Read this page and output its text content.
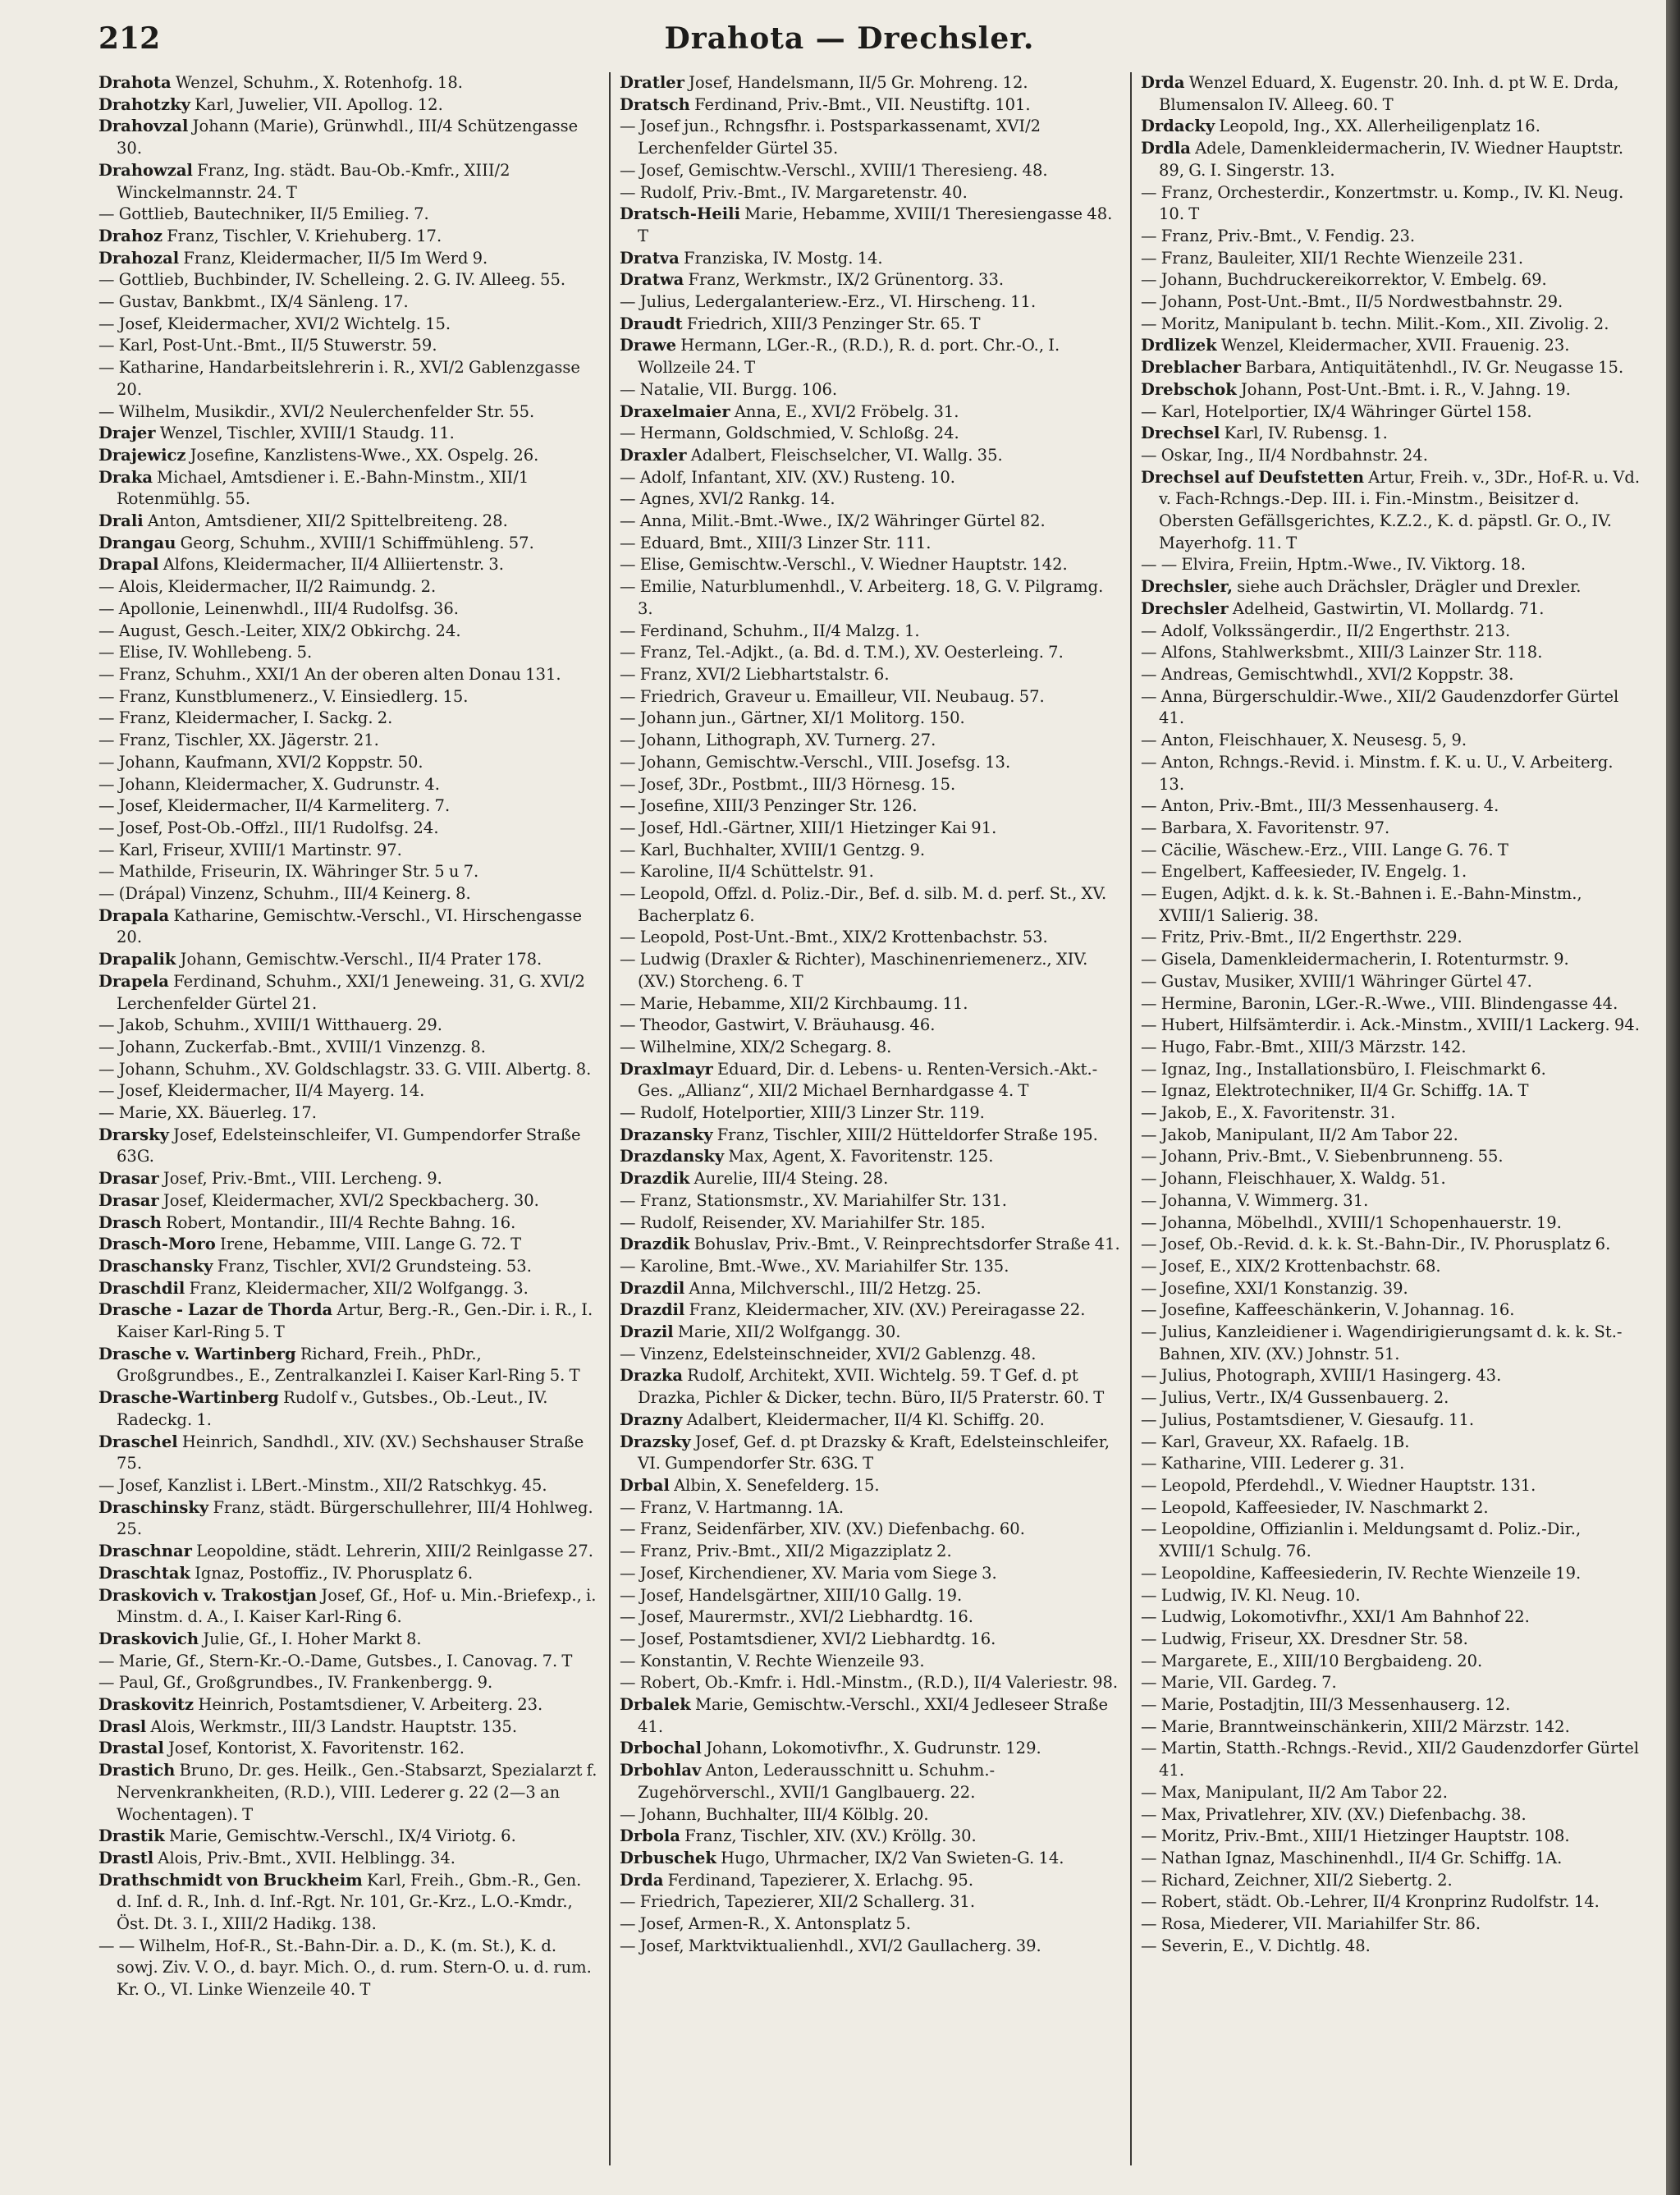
212	Drahota — Drechsler.
Drahota Wenzel, Schuhm., X. Rotenhofg. 18.
Drahotzky Karl, Juwelier, VII. Apollog. 12.
Drahovzal Johann (Marie), Grünwhdl., III/4 Schützengasse 30.
Drahowzal Franz, Ing. städt. Bau-Ob.-Kmfr., XIII/2 Winckelmannstr. 24. T
— Gottlieb, Bautechniker, II/5 Emilieg. 7.
Drahoz Franz, Tischler, V. Kriehuberg. 17.
Drahozal Franz, Kleidermacher, II/5 Im Werd 9.
— Gottlieb, Buchbinder, IV. Schelleing. 2. G. IV. Alleeg. 55.
— Gustav, Bankbmt., IX/4 Sänleng. 17.
— Josef, Kleidermacher, XVI/2 Wichtelg. 15.
— Karl, Post-Unt.-Bmt., II/5 Stuwerstr. 59.
— Katharine, Handarbeitslehrerin i. R., XVI/2 Gablenzgasse 20.
— Wilhelm, Musikdir., XVI/2 Neulerchenfelder Str. 55.
Drajer Wenzel, Tischler, XVIII/1 Staudg. 11.
Drajewicz Josefine, Kanzlistens-Wwe., XX. Ospelg. 26.
Draka Michael, Amtsdiener i. E.-Bahn-Minstm., XII/1 Rotenmühlg. 55.
Drali Anton, Amtsdiener, XII/2 Spittelbreiteng. 28.
Drangau Georg, Schuhm., XVIII/1 Schiffmühleng. 57.
Drapal Alfons, Kleidermacher, II/4 Alliiertenstr. 3.
— Alois, Kleidermacher, II/2 Raimundg. 2.
— Apollonie, Leinenwhdl., III/4 Rudolfsg. 36.
— August, Gesch.-Leiter, XIX/2 Obkirchg. 24.
— Elise, IV. Wohllebeng. 5.
— Franz, Schuhm., XXI/1 An der oberen alten Donau 131.
— Franz, Kunstblumenerz., V. Einsiedlerg. 15.
— Franz, Kleidermacher, I. Sackg. 2.
— Franz, Tischler, XX. Jägerstr. 21.
— Johann, Kaufmann, XVI/2 Koppstr. 50.
— Johann, Kleidermacher, X. Gudrunstr. 4.
— Josef, Kleidermacher, II/4 Karmeliterg. 7.
— Josef, Post-Ob.-Offzl., III/1 Rudolfsg. 24.
— Karl, Friseur, XVIII/1 Martinstr. 97.
— Mathilde, Friseurin, IX. Währinger Str. 5 u 7.
— (Drápal) Vinzenz, Schuhm., III/4 Keinerg. 8.
Drapala Katharine, Gemischtw.-Verschl., VI. Hirschengasse 20.
Drapalik Johann, Gemischtw.-Verschl., II/4 Prater 178.
Drapela Ferdinand, Schuhm., XXI/1 Jeneweing. 31, G. XVI/2 Lerchenfelder Gürtel 21.
— Jakob, Schuhm., XVIII/1 Witthauerg. 29.
— Johann, Zuckerfab.-Bmt., XVIII/1 Vinzenzg. 8.
— Johann, Schuhm., XV. Goldschlagstr. 33. G. VIII. Albertg. 8.
— Josef, Kleidermacher, II/4 Mayerg. 14.
— Marie, XX. Bäuerleg. 17.
Drarsky Josef, Edelsteinschleifer, VI. Gumpendorfer Straße 63G.
Drasar Josef, Priv.-Bmt., VIII. Lercheng. 9.
Drasar Josef, Kleidermacher, XVI/2 Speckbacherg. 30.
Drasch Robert, Montandir., III/4 Rechte Bahng. 16.
Drasch-Moro Irene, Hebamme, VIII. Lange G. 72. T
Draschansky Franz, Tischler, XVI/2 Grundsteing. 53.
Draschdil Franz, Kleidermacher, XII/2 Wolfgangg. 3.
Drasche - Lazar de Thorda Artur, Berg.-R., Gen.-Dir. i. R., I. Kaiser Karl-Ring 5. T
Drasche v. Wartinberg Richard, Freih., PhDr., Großgrundbes., E., Zentralkanzlei I. Kaiser Karl-Ring 5. T
Drasche-Wartinberg Rudolf v., Gutsbes., Ob.-Leut., IV. Radeckg. 1.
Draschel Heinrich, Sandhdl., XIV. (XV.) Sechshauser Straße 75.
— Josef, Kanzlist i. LBert.-Minstm., XII/2 Ratschkyg. 45.
Draschinsky Franz, städt. Bürgerschullehrer, III/4 Hohlweg. 25.
Draschnar Leopoldine, städt. Lehrerin, XIII/2 Reinlgasse 27.
Draschtak Ignaz, Postoffiz., IV. Phorusplatz 6.
Draskovich v. Trakostjan Josef, Gf., Hof- u. Min.-Briefexp., i. Minstm. d. A., I. Kaiser Karl-Ring 6.
Draskovich Julie, Gf., I. Hoher Markt 8.
— Marie, Gf., Stern-Kr.-O.-Dame, Gutsbes., I. Canovag. 7. T
— Paul, Gf., Großgrundbes., IV. Frankenbergg. 9.
Draskovitz Heinrich, Postamtsdiener, V. Arbeiterg. 23.
Drasl Alois, Werkmstr., III/3 Landstr. Hauptstr. 135.
Drastal Josef, Kontorist, X. Favoritenstr. 162.
Drastich Bruno, Dr. ges. Heilk., Gen.-Stabsarzt, Spezialarzt f. Nervenkrankheiten, (R.D.), VIII. Lederer g. 22 (2—3 an Wochentagen). T
Drastik Marie, Gemischtw.-Verschl., IX/4 Viriotg. 6.
Drastl Alois, Priv.-Bmt., XVII. Helblingg. 34.
Drathschmidt von Bruckheim Karl, Freih., Gbm.-R., Gen. d. Inf. d. R., Inh. d. Inf.-Rgt. Nr. 101, Gr.-Krz., L.O.-Kmdr., Öst. Dt. 3. I., XIII/2 Hadikg. 138.
— — Wilhelm, Hof-R., St.-Bahn-Dir. a. D., K. (m. St.), K. d. sowj. Ziv. V. O., d. bayr. Mich. O., d. rum. Stern-O. u. d. rum. Kr. O., VI. Linke Wienzeile 40. T
Dratler Josef, Handelsmann, II/5 Gr. Mohreng. 12.
Dratsch Ferdinand, Priv.-Bmt., VII. Neustiftg. 101.
— Josef jun., Rchngsfhr. i. Postsparkassenamt, XVI/2 Lerchenfelder Gürtel 35.
— Josef, Gemischtw.-Verschl., XVIII/1 Theresieng. 48.
— Rudolf, Priv.-Bmt., IV. Margaretenstr. 40.
Dratsch-Heili Marie, Hebamme, XVIII/1 Theresiengasse 48. T
Dratva Franziska, IV. Mostg. 14.
Dratwa Franz, Werkmstr., IX/2 Grünentorg. 33.
— Julius, Ledergalanteriew.-Erz., VI. Hirscheng. 11.
Draudt Friedrich, XIII/3 Penzinger Str. 65. T
Drawe Hermann, LGer.-R., (R.D.), R. d. port. Chr.-O., I. Wollzeile 24. T
— Natalie, VII. Burgg. 106.
Draxelmaier Anna, E., XVI/2 Fröbelg. 31.
— Hermann, Goldschmied, V. Schloßg. 24.
Draxler Adalbert, Fleischselcher, VI. Wallg. 35.
— Adolf, Infantant, XIV. (XV.) Rusteng. 10.
— Agnes, XVI/2 Rankg. 14.
— Anna, Milit.-Bmt.-Wwe., IX/2 Währinger Gürtel 82.
— Eduard, Bmt., XIII/3 Linzer Str. 111.
— Elise, Gemischtw.-Verschl., V. Wiedner Hauptstr. 142.
— Emilie, Naturblumenhdl., V. Arbeiterg. 18, G. V. Pilgramg. 3.
— Ferdinand, Schuhm., II/4 Malzg. 1.
— Franz, Tel.-Adjkt., (a. Bd. d. T.M.), XV. Oesterleing. 7.
— Franz, XVI/2 Liebhartstalstr. 6.
— Friedrich, Graveur u. Emailleur, VII. Neubaug. 57.
— Johann jun., Gärtner, XI/1 Molitorg. 150.
— Johann, Lithograph, XV. Turnerg. 27.
— Johann, Gemischtw.-Verschl., VIII. Josefsg. 13.
— Josef, 3Dr., Postbmt., III/3 Hörnesg. 15.
— Josefine, XIII/3 Penzinger Str. 126.
— Josef, Hdl.-Gärtner, XIII/1 Hietzinger Kai 91.
— Karl, Buchhalter, XVIII/1 Gentzg. 9.
— Karoline, II/4 Schüttelstr. 91.
— Leopold, Offzl. d. Poliz.-Dir., Bef. d. silb. M. d. perf. St., XV. Bacherplatz 6.
— Leopold, Post-Unt.-Bmt., XIX/2 Krottenbachstr. 53.
— Ludwig (Draxler & Richter), Maschinenriemenerz., XIV. (XV.) Storcheng. 6. T
— Marie, Hebamme, XII/2 Kirchbaumg. 11.
— Theodor, Gastwirt, V. Bräuhausg. 46.
— Wilhelmine, XIX/2 Schegarg. 8.
Draxlmayr Eduard, Dir. d. Lebens- u. Renten-Versich.-Akt.-Ges. „Allianz“, XII/2 Michael Bernhardgasse 4. T
— Rudolf, Hotelportier, XIII/3 Linzer Str. 119.
Drazansky Franz, Tischler, XIII/2 Hütteldorfer Straße 195.
Drazdansky Max, Agent, X. Favoritenstr. 125.
Drazdik Aurelie, III/4 Steing. 28.
— Franz, Stationsmstr., XV. Mariahilfer Str. 131.
— Rudolf, Reisender, XV. Mariahilfer Str. 185.
Drazdik Bohuslav, Priv.-Bmt., V. Reinprechtsdorfer Straße 41.
— Karoline, Bmt.-Wwe., XV. Mariahilfer Str. 135.
Drazdil Anna, Milchverschl., III/2 Hetzg. 25.
Drazdil Franz, Kleidermacher, XIV. (XV.) Pereiragasse 22.
Drazil Marie, XII/2 Wolfgangg. 30.
— Vinzenz, Edelsteinschneider, XVI/2 Gablenzg. 48.
Drazka Rudolf, Architekt, XVII. Wichtelg. 59. T Gef. d. pt Drazka, Pichler & Dicker, techn. Büro, II/5 Praterstr. 60. T
Drazny Adalbert, Kleidermacher, II/4 Kl. Schiffg. 20.
Drazsky Josef, Gef. d. pt Drazsky & Kraft, Edelsteinschleifer, VI. Gumpendorfer Str. 63G. T
Drbal Albin, X. Senefelderg. 15.
— Franz, V. Hartmanng. 1A.
— Franz, Seidenfärber, XIV. (XV.) Diefenbachg. 60.
— Franz, Priv.-Bmt., XII/2 Migazziplatz 2.
— Josef, Kirchendiener, XV. Maria vom Siege 3.
— Josef, Handelsgärtner, XIII/10 Gallg. 19.
— Josef, Maurermstr., XVI/2 Liebhardtg. 16.
— Josef, Postamtsdiener, XVI/2 Liebhardtg. 16.
— Konstantin, V. Rechte Wienzeile 93.
— Robert, Ob.-Kmfr. i. Hdl.-Minstm., (R.D.), II/4 Valeriestr. 98.
Drbalek Marie, Gemischtw.-Verschl., XXI/4 Jedleseer Straße 41.
Drbochal Johann, Lokomotivfhr., X. Gudrunstr. 129.
Drbohlav Anton, Lederausschnitt u. Schuhm.-Zugehörverschl., XVII/1 Ganglbauerg. 22.
— Johann, Buchhalter, III/4 Kölblg. 20.
Drbola Franz, Tischler, XIV. (XV.) Kröllg. 30.
Drbuschek Hugo, Uhrmacher, IX/2 Van Swieten-G. 14.
Drda Ferdinand, Tapezierer, X. Erlachg. 95.
— Friedrich, Tapezierer, XII/2 Schallerg. 31.
— Josef, Armen-R., X. Antonsplatz 5.
— Josef, Marktviktualienhdl., XVI/2 Gaullacherg. 39.
Drda Wenzel Eduard, X. Eugenstr. 20. Inh. d. pt W. E. Drda, Blumensalon IV. Alleeg. 60. T
Drdacky Leopold, Ing., XX. Allerheiligenplatz 16.
Drdla Adele, Damenkleidermacherin, IV. Wiedner Hauptstr. 89, G. I. Singerstr. 13.
— Franz, Orchesterdir., Konzertmstr. u. Komp., IV. Kl. Neug. 10. T
— Franz, Priv.-Bmt., V. Fendig. 23.
— Franz, Bauleiter, XII/1 Rechte Wienzeile 231.
— Johann, Buchdruckereikorrektor, V. Embelg. 69.
— Johann, Post-Unt.-Bmt., II/5 Nordwestbahnstr. 29.
— Moritz, Manipulant b. techn. Milit.-Kom., XII. Zivolig. 2.
Drdlizek Wenzel, Kleidermacher, XVII. Frauenig. 23.
Dreblacher Barbara, Antiquitätenhdl., IV. Gr. Neugasse 15.
Drebschok Johann, Post-Unt.-Bmt. i. R., V. Jahng. 19.
— Karl, Hotelportier, IX/4 Währinger Gürtel 158.
Drechsel Karl, IV. Rubensg. 1.
— Oskar, Ing., II/4 Nordbahnstr. 24.
Drechsel auf Deufstetten Artur, Freih. v., 3Dr., Hof-R. u. Vd. v. Fach-Rchngs.-Dep. III. i. Fin.-Minstm., Beisitzer d. Obersten Gefällsgerichtes, K.Z.2., K. d. päpstl. Gr. O., IV. Mayerhofg. 11. T
— — Elvira, Freiin, Hptm.-Wwe., IV. Viktorg. 18.
Drechsler, siehe auch Drächsler, Drägler und Drexler.
Drechsler Adelheid, Gastwirtin, VI. Mollardg. 71.
— Adolf, Volkssängerdir., II/2 Engerthstr. 213.
— Alfons, Stahlwerksbmt., XIII/3 Lainzer Str. 118.
— Andreas, Gemischtwhdl., XVI/2 Koppstr. 38.
— Anna, Bürgerschuldir.-Wwe., XII/2 Gaudenzdorfer Gürtel 41.
— Anton, Fleischhauer, X. Neusesg. 5, 9.
— Anton, Rchngs.-Revid. i. Minstm. f. K. u. U., V. Arbeiterg. 13.
— Anton, Priv.-Bmt., III/3 Messenhauserg. 4.
— Barbara, X. Favoritenstr. 97.
— Cäcilie, Wäschew.-Erz., VIII. Lange G. 76. T
— Engelbert, Kaffeesieder, IV. Engelg. 1.
— Eugen, Adjkt. d. k. k. St.-Bahnen i. E.-Bahn-Minstm., XVIII/1 Salierig. 38.
— Fritz, Priv.-Bmt., II/2 Engerthstr. 229.
— Gisela, Damenkleidermacherin, I. Rotenturmstr. 9.
— Gustav, Musiker, XVIII/1 Währinger Gürtel 47.
— Hermine, Baronin, LGer.-R.-Wwe., VIII. Blindengasse 44.
— Hubert, Hilfsämterdir. i. Ack.-Minstm., XVIII/1 Lackerg. 94.
— Hugo, Fabr.-Bmt., XIII/3 Märzstr. 142.
— Ignaz, Ing., Installationsbüro, I. Fleischmarkt 6.
— Ignaz, Elektrotechniker, II/4 Gr. Schiffg. 1A. T
— Jakob, E., X. Favoritenstr. 31.
— Jakob, Manipulant, II/2 Am Tabor 22.
— Johann, Priv.-Bmt., V. Siebenbrunneng. 55.
— Johann, Fleischhauer, X. Waldg. 51.
— Johanna, V. Wimmerg. 31.
— Johanna, Möbelhdl., XVIII/1 Schopenhauerstr. 19.
— Josef, Ob.-Revid. d. k. k. St.-Bahn-Dir., IV. Phorusplatz 6.
— Josef, E., XIX/2 Krottenbachstr. 68.
— Josefine, XXI/1 Konstanzig. 39.
— Josefine, Kaffeeschänkerin, V. Johannag. 16.
— Julius, Kanzleidiener i. Wagendirigierungsamt d. k. k. St.-Bahnen, XIV. (XV.) Johnstr. 51.
— Julius, Photograph, XVIII/1 Hasingerg. 43.
— Julius, Vertr., IX/4 Gussenbauerg. 2.
— Julius, Postamtsdiener, V. Giesaufg. 11.
— Karl, Graveur, XX. Rafaelg. 1B.
— Katharine, VIII. Lederer g. 31.
— Leopold, Pferdehdl., V. Wiedner Hauptstr. 131.
— Leopold, Kaffeesieder, IV. Naschmarkt 2.
— Leopoldine, Offizianlin i. Meldungsamt d. Poliz.-Dir., XVIII/1 Schulg. 76.
— Leopoldine, Kaffeesiederin, IV. Rechte Wienzeile 19.
— Ludwig, IV. Kl. Neug. 10.
— Ludwig, Lokomotivfhr., XXI/1 Am Bahnhof 22.
— Ludwig, Friseur, XX. Dresdner Str. 58.
— Margarete, E., XIII/10 Bergbaideng. 20.
— Marie, VII. Gardeg. 7.
— Marie, Postadjtin, III/3 Messenhauserg. 12.
— Marie, Branntweinschänkerin, XIII/2 Märzstr. 142.
— Martin, Statth.-Rchngs.-Revid., XII/2 Gaudenzdorfer Gürtel 41.
— Max, Manipulant, II/2 Am Tabor 22.
— Max, Privatlehrer, XIV. (XV.) Diefenbachg. 38.
— Moritz, Priv.-Bmt., XIII/1 Hietzinger Hauptstr. 108.
— Nathan Ignaz, Maschinenhdl., II/4 Gr. Schiffg. 1A.
— Richard, Zeichner, XII/2 Siebertg. 2.
— Robert, städt. Ob.-Lehrer, II/4 Kronprinz Rudolfstr. 14.
— Rosa, Miederer, VII. Mariahilfer Str. 86.
— Severin, E., V. Dichtlg. 48.
